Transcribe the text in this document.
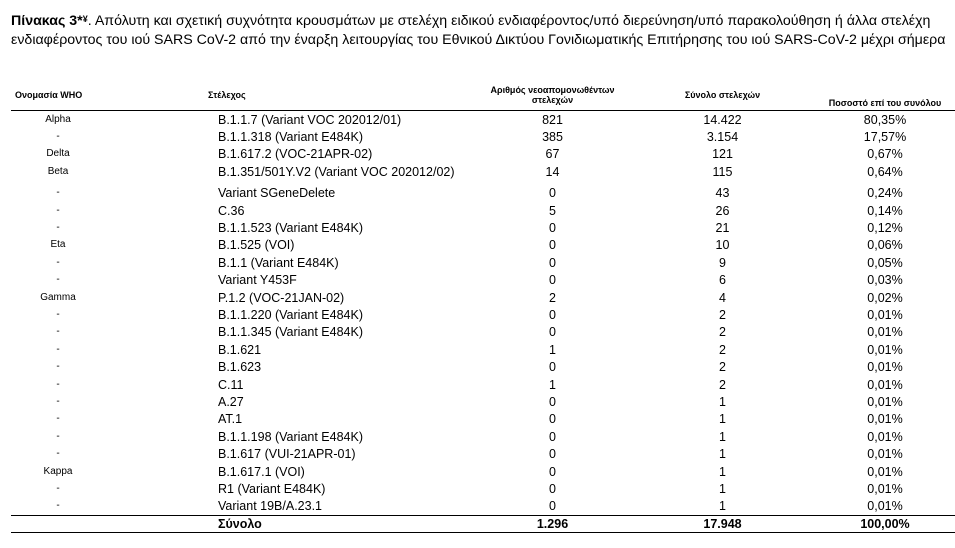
Πίνακας 3*¥. Απόλυτη και σχετική συχνότητα κρουσμάτων με στελέχη ειδικού ενδιαφέροντος/υπό διερεύνηση/υπό παρακολούθηση ή άλλα στελέχη ενδιαφέροντος του ιού SARS CoV-2 από την έναρξη λειτουργίας του Εθνικού Δικτύου Γονιδιωματικής Επιτήρησης του ιού SARS-CoV-2 μέχρι σήμερα

Ονομασία WHO	Στέλεχος	Αριθμός νεοαπομονωθέντων στελεχών	Σύνολο στελεχών	Ποσοστό επί του συνόλου
Alpha	B.1.1.7 (Variant VOC 202012/01)	821	14.422	80,35%
-	B.1.1.318 (Variant E484K)	385	3.154	17,57%
Delta	B.1.617.2 (VOC-21APR-02)	67	121	0,67%
Beta	B.1.351/501Y.V2 (Variant VOC 202012/02)	14	115	0,64%
-	Variant SGeneDelete	0	43	0,24%
-	C.36	5	26	0,14%
-	B.1.1.523 (Variant E484K)	0	21	0,12%
Eta	B.1.525 (VOI)	0	10	0,06%
-	B.1.1 (Variant E484K)	0	9	0,05%
-	Variant Y453F	0	6	0,03%
Gamma	P.1.2 (VOC-21JAN-02)	2	4	0,02%
-	B.1.1.220 (Variant E484K)	0	2	0,01%
-	B.1.1.345 (Variant E484K)	0	2	0,01%
-	B.1.621	1	2	0,01%
-	B.1.623	0	2	0,01%
-	C.11	1	2	0,01%
-	A.27	0	1	0,01%
-	AT.1	0	1	0,01%
-	B.1.1.198 (Variant E484K)	0	1	0,01%
-	B.1.617 (VUI-21APR-01)	0	1	0,01%
Kappa	B.1.617.1 (VOI)	0	1	0,01%
-	R1 (Variant E484K)	0	1	0,01%
-	Variant 19B/A.23.1	0	1	0,01%
	Σύνολο	1.296	17.948	100,00%
